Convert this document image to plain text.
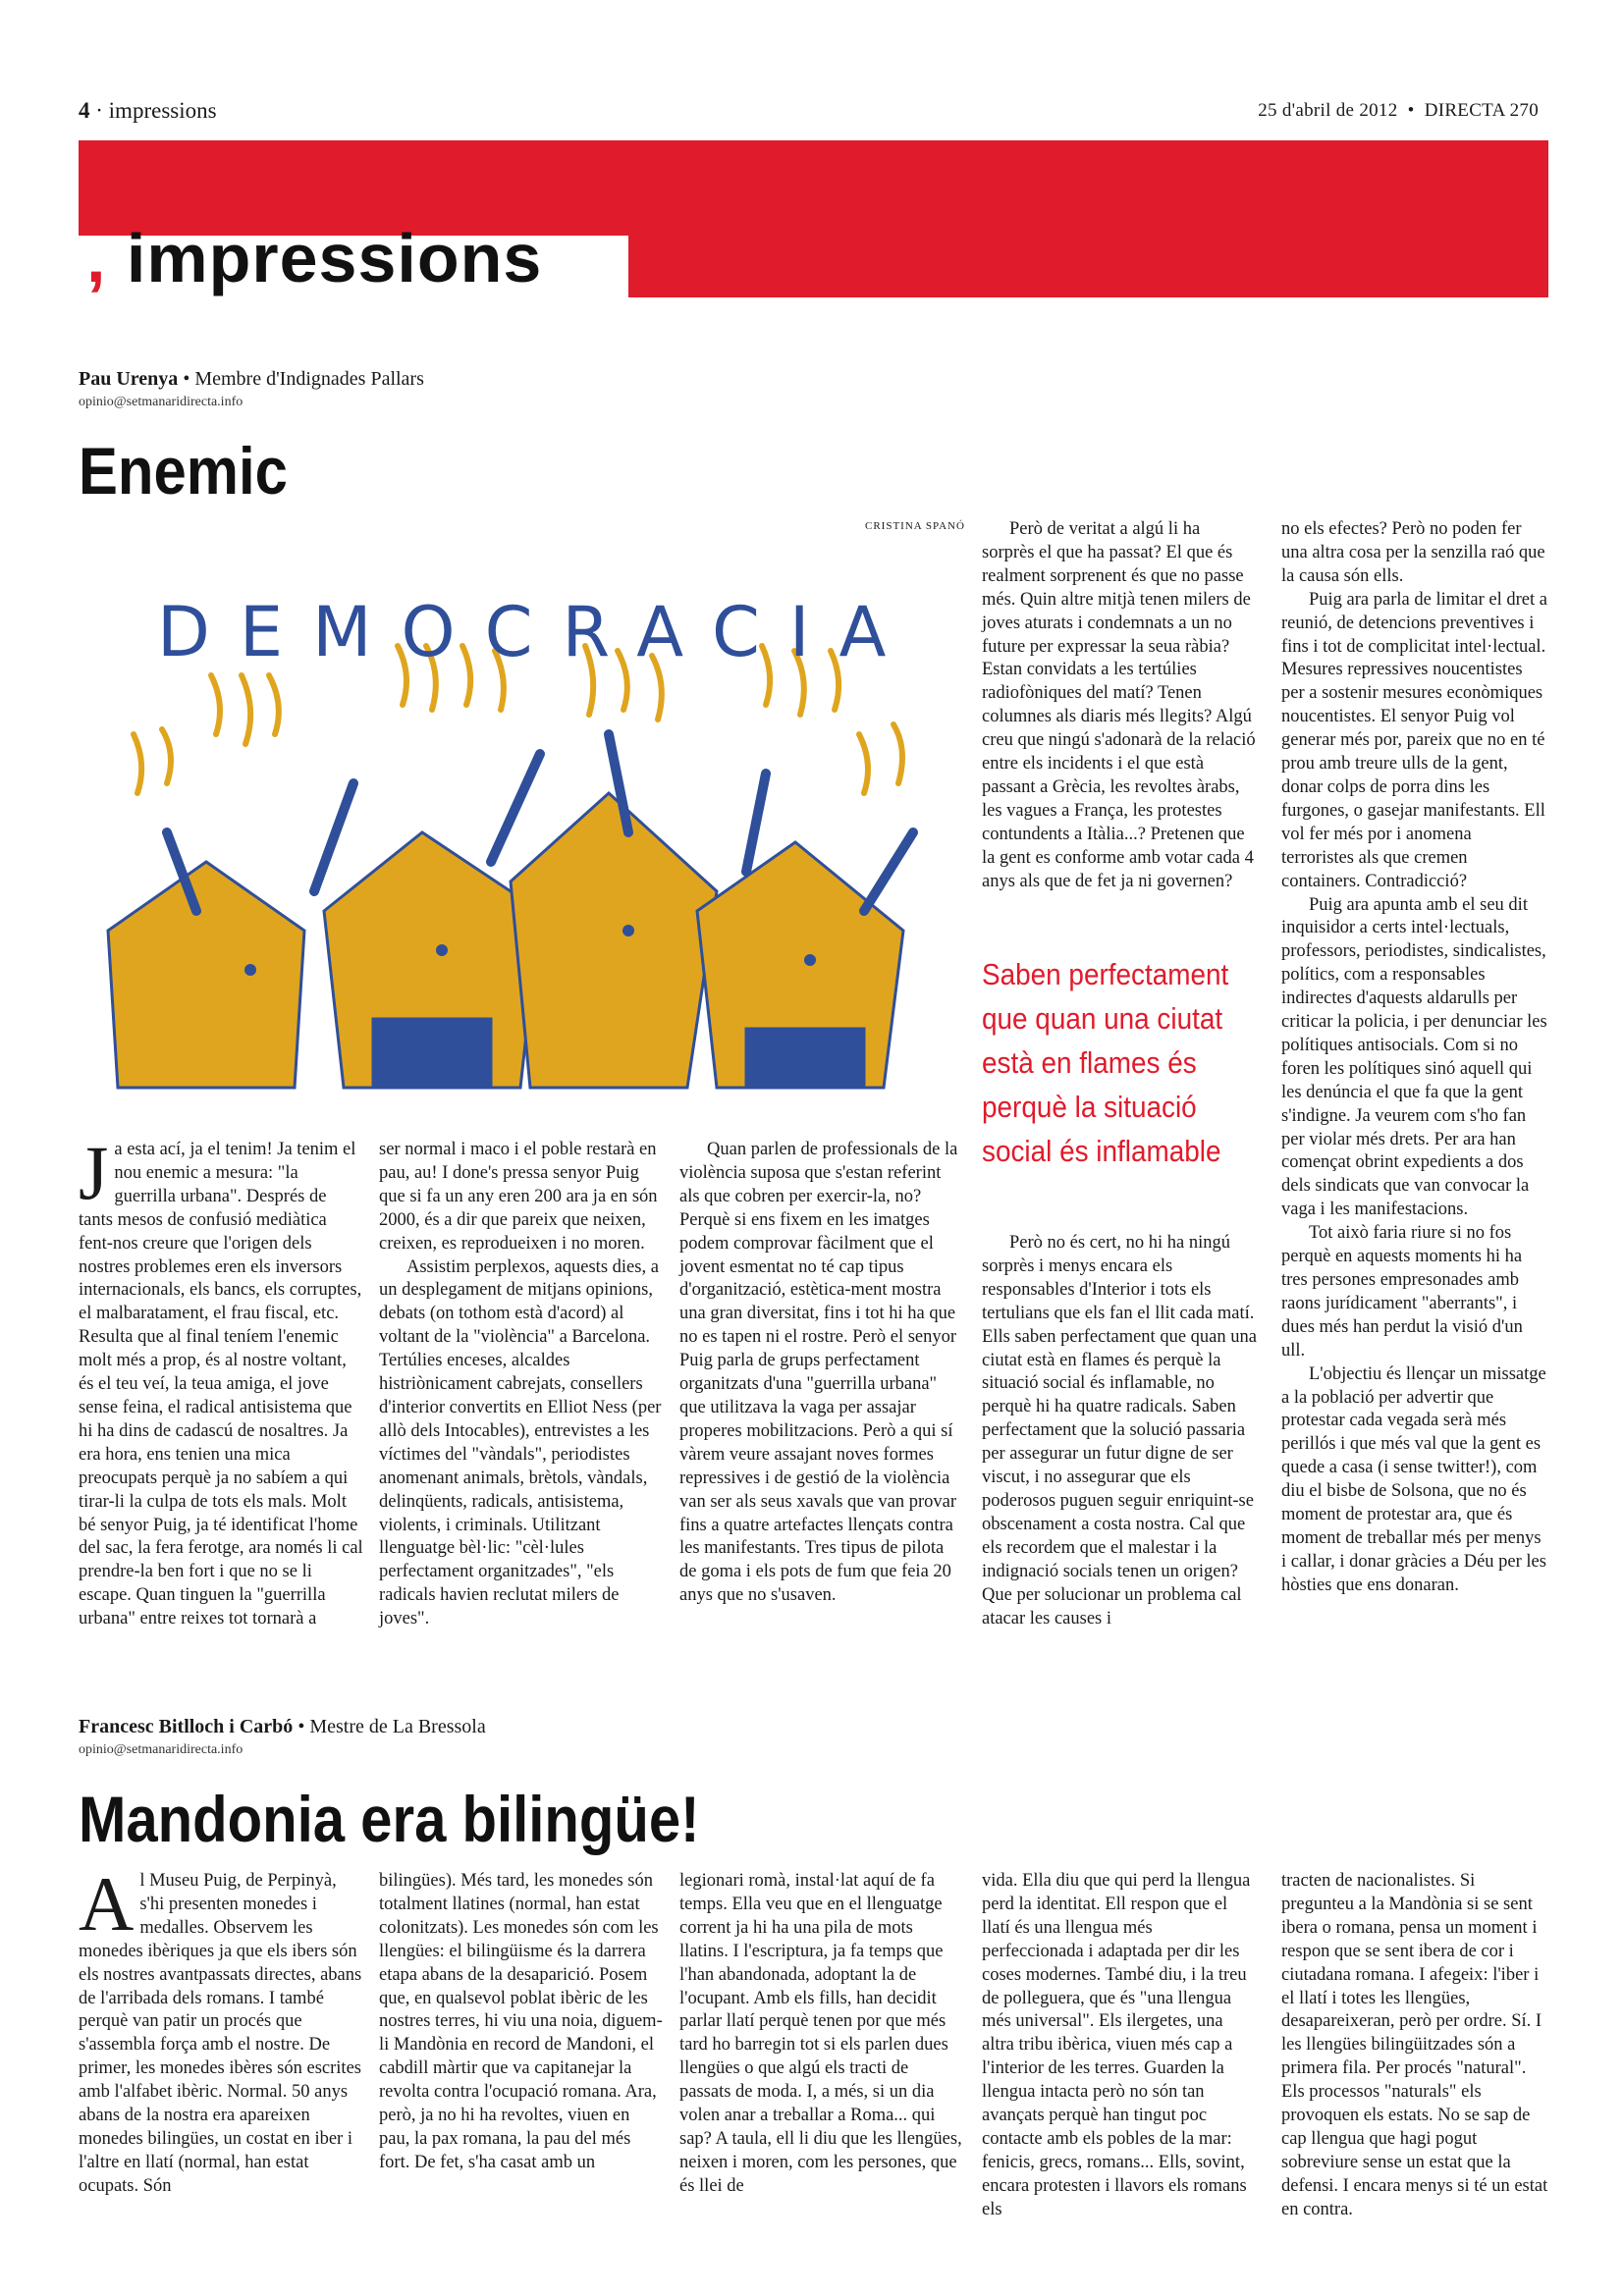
4 · impressions	25 d'abril de 2012  •  DIRECTA 270
, impressions
Pau Urenya • Membre d'Indignades Pallars
opinio@setmanaridirecta.info
Enemic
CRISTINA SPANÓ
DEMOCRACIA

Ja esta ací, ja el tenim! Ja tenim el nou enemic a mesura: "la guerrilla urbana". Després de tants mesos de confusió mediàtica fent-nos creure que l'origen dels nostres problemes eren els inversors internacionals, els bancs, els corruptes, el malbaratament, el frau fiscal, etc. Resulta que al final teníem l'enemic molt més a prop, és al nostre voltant, és el teu veí, la teua amiga, el jove sense feina, el radical antisistema que hi ha dins de cadascú de nosaltres. Ja era hora, ens tenien una mica preocupats perquè ja no sabíem a qui tirar-li la culpa de tots els mals. Molt bé senyor Puig, ja té identificat l'home del sac, la fera ferotge, ara només li cal prendre-la ben fort i que no se li escape. Quan tinguen la "guerrilla urbana" entre reixes tot tornarà a

ser normal i maco i el poble restarà en pau, au! I done's pressa senyor Puig que si fa un any eren 200 ara ja en són 2000, és a dir que pareix que neixen, creixen, es reprodueixen i no moren.

Assistim perplexos, aquests dies, a un desplegament de mitjans opinions, debats (on tothom està d'acord) al voltant de la "violència" a Barcelona. Tertúlies enceses, alcaldes histriònicament cabrejats, consellers d'interior convertits en Elliot Ness (per allò dels Intocables), entrevistes a les víctimes del "vàndals", periodistes anomenant animals, brètols, vàndals, delinqüents, radicals, antisistema, violents, i criminals. Utilitzant llenguatge bèl·lic: "cèl·lules perfectament organitzades", "els radicals havien reclutat milers de joves".

Quan parlen de professionals de la violència suposa que s'estan referint als que cobren per exercir-la, no? Perquè si ens fixem en les imatges podem comprovar fàcilment que el jovent esmentat no té cap tipus d'organització, estètica-ment mostra una gran diversitat, fins i tot hi ha que no es tapen ni el rostre. Però el senyor Puig parla de grups perfectament organitzats d'una "guerrilla urbana" que utilitzava la vaga per assajar properes mobilitzacions. Però a qui sí vàrem veure assajant noves formes repressives i de gestió de la violència van ser als seus xavals que van provar fins a quatre artefactes llençats contra les manifestants. Tres tipus de pilota de goma i els pots de fum que feia 20 anys que no s'usaven.

Però de veritat a algú li ha sorprès el que ha passat? El que és realment sorprenent és que no passe més. Quin altre mitjà tenen milers de joves aturats i condemnats a un no future per expressar la seua ràbia? Estan convidats a les tertúlies radiofòniques del matí? Tenen columnes als diaris més llegits? Algú creu que ningú s'adonarà de la relació entre els incidents i el que està passant a Grècia, les revoltes àrabs, les vagues a França, les protestes contundents a Itàlia...? Pretenen que la gent es conforme amb votar cada 4 anys als que de fet ja ni governen?

Saben perfectament que quan una ciutat està en flames és perquè la situació social és inflamable

Però no és cert, no hi ha ningú sorprès i menys encara els responsables d'Interior i tots els tertulians que els fan el llit cada matí. Ells saben perfectament que quan una ciutat està en flames és perquè la situació social és inflamable, no perquè hi ha quatre radicals. Saben perfectament que la solució passaria per assegurar un futur digne de ser viscut, i no assegurar que els poderosos puguen seguir enriquint-se obscenament a costa nostra. Cal que els recordem que el malestar i la indignació socials tenen un origen? Que per solucionar un problema cal atacar les causes i

no els efectes? Però no poden fer una altra cosa per la senzilla raó que la causa són ells.

Puig ara parla de limitar el dret a reunió, de detencions preventives i fins i tot de complicitat intel·lectual. Mesures repressives noucentistes per a sostenir mesures econòmiques noucentistes. El senyor Puig vol generar més por, pareix que no en té prou amb treure ulls de la gent, donar colps de porra dins les furgones, o gasejar manifestants. Ell vol fer més por i anomena terroristes als que cremen containers. Contradicció?

Puig ara apunta amb el seu dit inquisidor a certs intel·lectuals, professors, periodistes, sindicalistes, polítics, com a responsables indirectes d'aquests aldarulls per criticar la policia, i per denunciar les polítiques antisocials. Com si no foren les polítiques sinó aquell qui les denúncia el que fa que la gent s'indigne. Ja veurem com s'ho fan per violar més drets. Per ara han començat obrint expedients a dos dels sindicats que van convocar la vaga i les manifestacions.

Tot això faria riure si no fos perquè en aquests moments hi ha tres persones empresonades amb raons jurídicament "aberrants", i dues més han perdut la visió d'un ull.

L'objectiu és llençar un missatge a la població per advertir que protestar cada vegada serà més perillós i que més val que la gent es quede a casa (i sense twitter!), com diu el bisbe de Solsona, que no és moment de protestar ara, que és moment de treballar més per menys i callar, i donar gràcies a Déu per les hòsties que ens donaran.

Francesc Bitlloch i Carbó • Mestre de La Bressola
opinio@setmanaridirecta.info
Mandonia era bilingüe!

Al Museu Puig, de Perpinyà, s'hi presenten monedes i medalles. Observem les monedes ibèriques ja que els ibers són els nostres avantpassats directes, abans de l'arribada dels romans. I també perquè van patir un procés que s'assembla força amb el nostre. De primer, les monedes ibères són escrites amb l'alfabet ibèric. Normal. 50 anys abans de la nostra era apareixen monedes bilingües, un costat en iber i l'altre en llatí (normal, han estat ocupats. Són

bilingües). Més tard, les monedes són totalment llatines (normal, han estat colonitzats). Les monedes són com les llengües: el bilingüisme és la darrera etapa abans de la desaparició. Posem que, en qualsevol poblat ibèric de les nostres terres, hi viu una noia, diguem-li Mandònia en record de Mandoni, el cabdill màrtir que va capitanejar la revolta contra l'ocupació romana. Ara, però, ja no hi ha revoltes, viuen en pau, la pax romana, la pau del més fort. De fet, s'ha casat amb un

legionari romà, instal·lat aquí de fa temps. Ella veu que en el llenguatge corrent ja hi ha una pila de mots llatins. I l'escriptura, ja fa temps que l'han abandonada, adoptant la de l'ocupant. Amb els fills, han decidit parlar llatí perquè tenen por que més tard ho barregin tot si els parlen dues llengües o que algú els tracti de passats de moda. I, a més, si un dia volen anar a treballar a Roma... qui sap? A taula, ell li diu que les llengües, neixen i moren, com les persones, que és llei de

vida. Ella diu que qui perd la llengua perd la identitat. Ell respon que el llatí és una llengua més perfeccionada i adaptada per dir les coses modernes. També diu, i la treu de polleguera, que és "una llengua més universal". Els ilergetes, una altra tribu ibèrica, viuen més cap a l'interior de les terres. Guarden la llengua intacta però no són tan avançats perquè han tingut poc contacte amb els pobles de la mar: fenicis, grecs, romans... Ells, sovint, encara protesten i llavors els romans els

tracten de nacionalistes. Si pregunteu a la Mandònia si se sent ibera o romana, pensa un moment i respon que se sent ibera de cor i ciutadana romana. I afegeix: l'iber i el llatí i totes les llengües, desapareixeran, però per ordre. Sí. I les llengües bilingüitzades són a primera fila. Per procés "natural". Els processos "naturals" els provoquen els estats. No se sap de cap llengua que hagi pogut sobreviure sense un estat que la defensi. I encara menys si té un estat en contra.
